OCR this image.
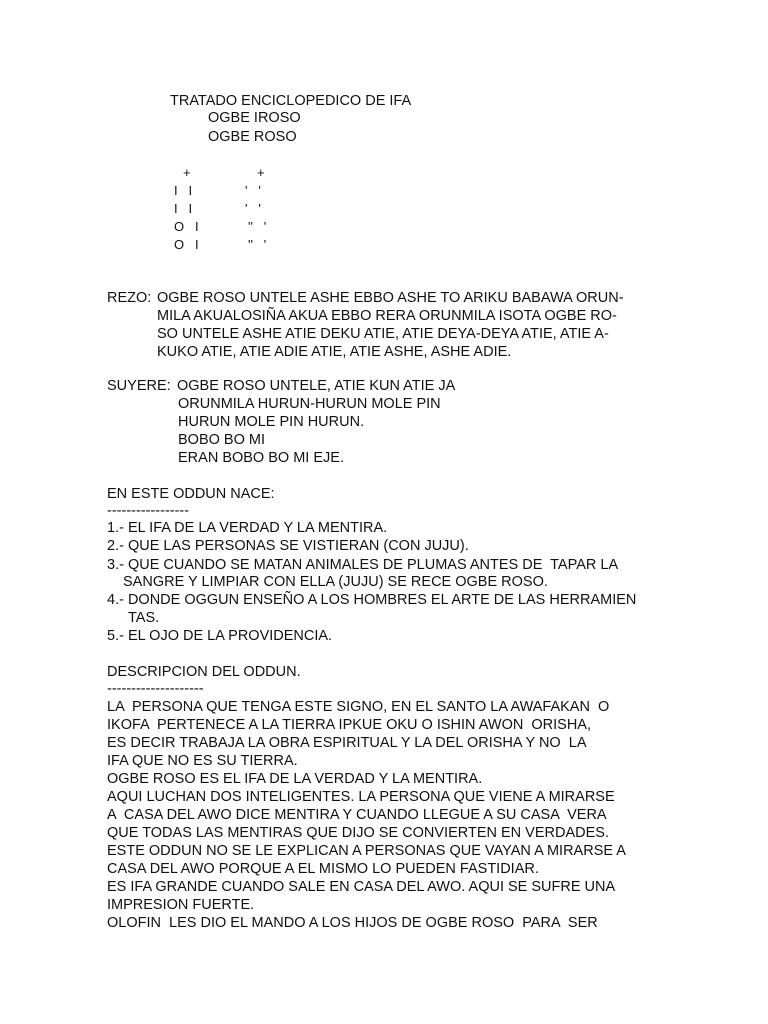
TRATADO ENCICLOPEDICO DE IFA
OGBE IROSO
OGBE ROSO
+
I   I
I   I
O   I
O   I
+
'   '
'   '
''   '
''   '
REZO: OGBE ROSO UNTELE ASHE EBBO ASHE TO ARIKU BABAWA ORUN-
MILA AKUALOSIÑA AKUA EBBO RERA ORUNMILA ISOTA OGBE RO-
SO UNTELE ASHE ATIE DEKU ATIE, ATIE DEYA-DEYA ATIE, ATIE A-
KUKO ATIE, ATIE ADIE ATIE, ATIE ASHE, ASHE ADIE.
SUYERE: OGBE ROSO UNTELE, ATIE KUN ATIE JA
ORUNMILA HURUN-HURUN MOLE PIN
HURUN MOLE PIN HURUN.
BOBO BO MI
ERAN BOBO BO MI EJE.
EN ESTE ODDUN NACE:
-----------------
1.- EL IFA DE LA VERDAD Y LA MENTIRA.
2.- QUE LAS PERSONAS SE VISTIERAN (CON JUJU).
3.- QUE CUANDO SE MATAN ANIMALES DE PLUMAS ANTES DE  TAPAR LA
SANGRE Y LIMPIAR CON ELLA (JUJU) SE RECE OGBE ROSO.
4.- DONDE OGGUN ENSEÑO A LOS HOMBRES EL ARTE DE LAS HERRAMIEN
TAS.
5.- EL OJO DE LA PROVIDENCIA.
DESCRIPCION DEL ODDUN.
--------------------
LA  PERSONA QUE TENGA ESTE SIGNO, EN EL SANTO LA AWAFAKAN  O
IKOFA  PERTENECE A LA TIERRA IPKUE OKU O ISHIN AWON  ORISHA,
ES DECIR TRABAJA LA OBRA ESPIRITUAL Y LA DEL ORISHA Y NO  LA
IFA QUE NO ES SU TIERRA.
OGBE ROSO ES EL IFA DE LA VERDAD Y LA MENTIRA.
AQUI LUCHAN DOS INTELIGENTES. LA PERSONA QUE VIENE A MIRARSE
A  CASA DEL AWO DICE MENTIRA Y CUANDO LLEGUE A SU CASA  VERA
QUE TODAS LAS MENTIRAS QUE DIJO SE CONVIERTEN EN VERDADES.
ESTE ODDUN NO SE LE EXPLICAN A PERSONAS QUE VAYAN A MIRARSE A
CASA DEL AWO PORQUE A EL MISMO LO PUEDEN FASTIDIAR.
ES IFA GRANDE CUANDO SALE EN CASA DEL AWO. AQUI SE SUFRE UNA
IMPRESION FUERTE.
OLOFIN  LES DIO EL MANDO A LOS HIJOS DE OGBE ROSO  PARA  SER
